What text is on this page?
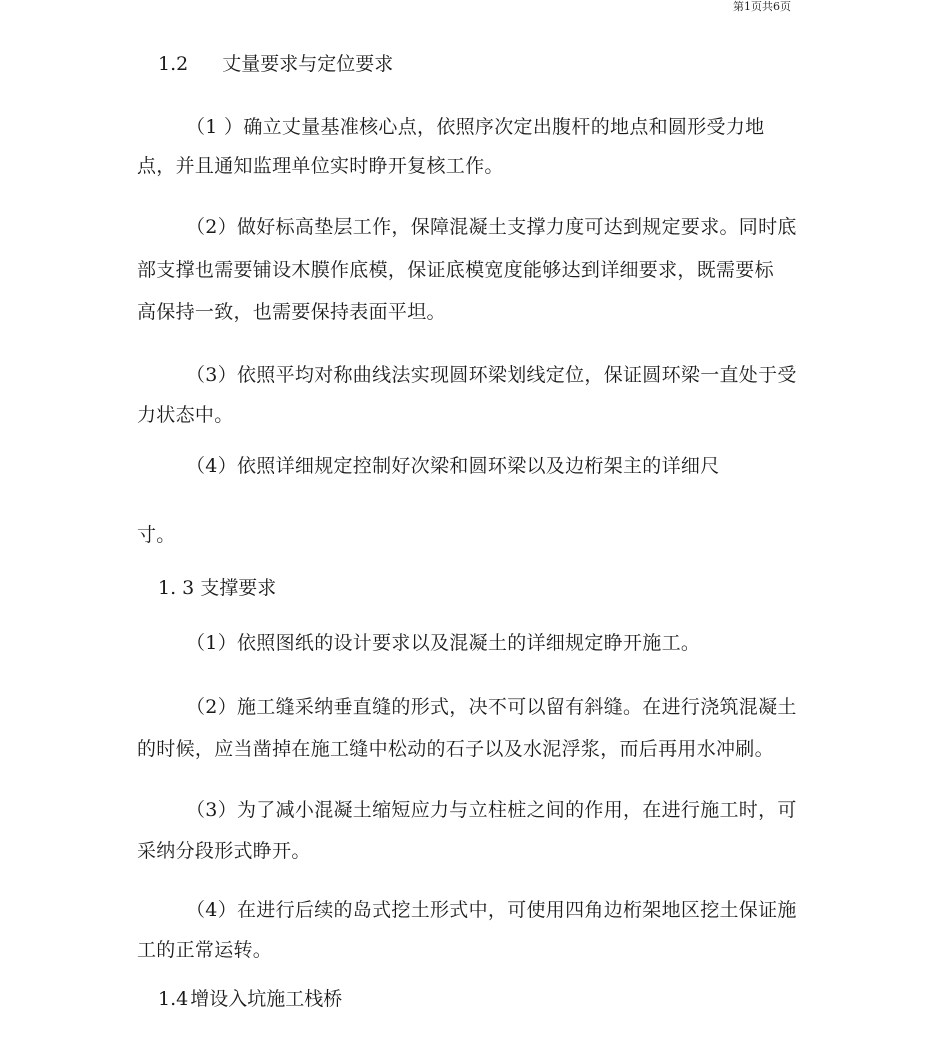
第1页共6页
1.2 丈量要求与定位要求
（1 ）确立丈量基准核心点，依照序次定出腹杆的地点和圆形受力地
点，并且通知监理单位实时睁开复核工作。
（2）做好标高垫层工作，保障混凝土支撑力度可达到规定要求。同时底
部支撑也需要铺设木膜作底模，保证底模宽度能够达到详细要求，既需要标
高保持一致，也需要保持表面平坦。
（3）依照平均对称曲线法实现圆环梁划线定位，保证圆环梁一直处于受
力状态中。
（4）依照详细规定控制好次梁和圆环梁以及边桁架主的详细尺
寸。
1. 3 支撑要求
（1）依照图纸的设计要求以及混凝土的详细规定睁开施工。
（2）施工缝采纳垂直缝的形式，决不可以留有斜缝。在进行浇筑混凝土
的时候，应当凿掉在施工缝中松动的石子以及水泥浮浆，而后再用水冲刷。
（3）为了减小混凝土缩短应力与立柱桩之间的作用，在进行施工时，可
采纳分段形式睁开。
（4）在进行后续的岛式挖土形式中，可使用四角边桁架地区挖土保证施
工的正常运转。
1.4 增设入坑施工栈桥
